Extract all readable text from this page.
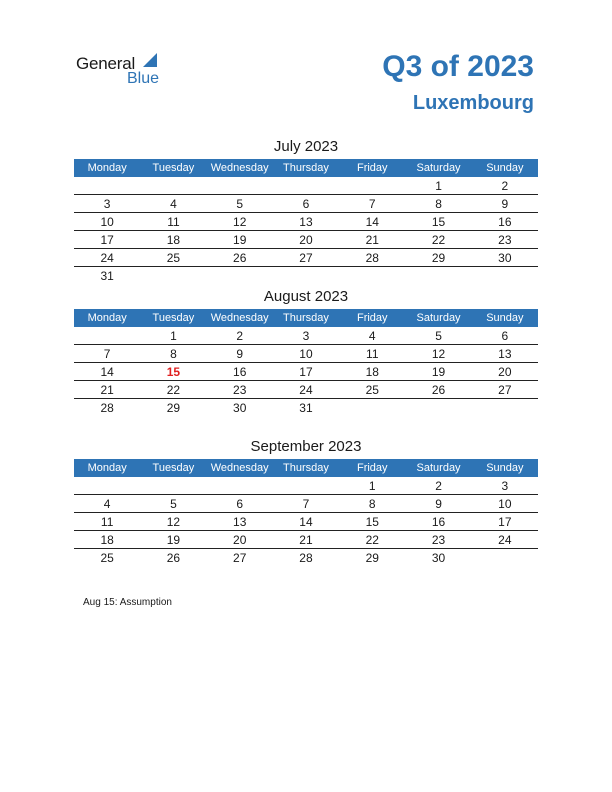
General
Blue	Q3 of 2023
Luxembourg
July 2023
Monday	Tuesday	Wednesday	Thursday	Friday	Saturday	Sunday
					1	2
3	4	5	6	7	8	9
10	11	12	13	14	15	16
17	18	19	20	21	22	23
24	25	26	27	28	29	30
31						
August 2023
Monday	Tuesday	Wednesday	Thursday	Friday	Saturday	Sunday
	1	2	3	4	5	6
7	8	9	10	11	12	13
14	15	16	17	18	19	20
21	22	23	24	25	26	27
28	29	30	31			
September 2023
Monday	Tuesday	Wednesday	Thursday	Friday	Saturday	Sunday
				1	2	3
4	5	6	7	8	9	10
11	12	13	14	15	16	17
18	19	20	21	22	23	24
25	26	27	28	29	30	
Aug 15: Assumption
